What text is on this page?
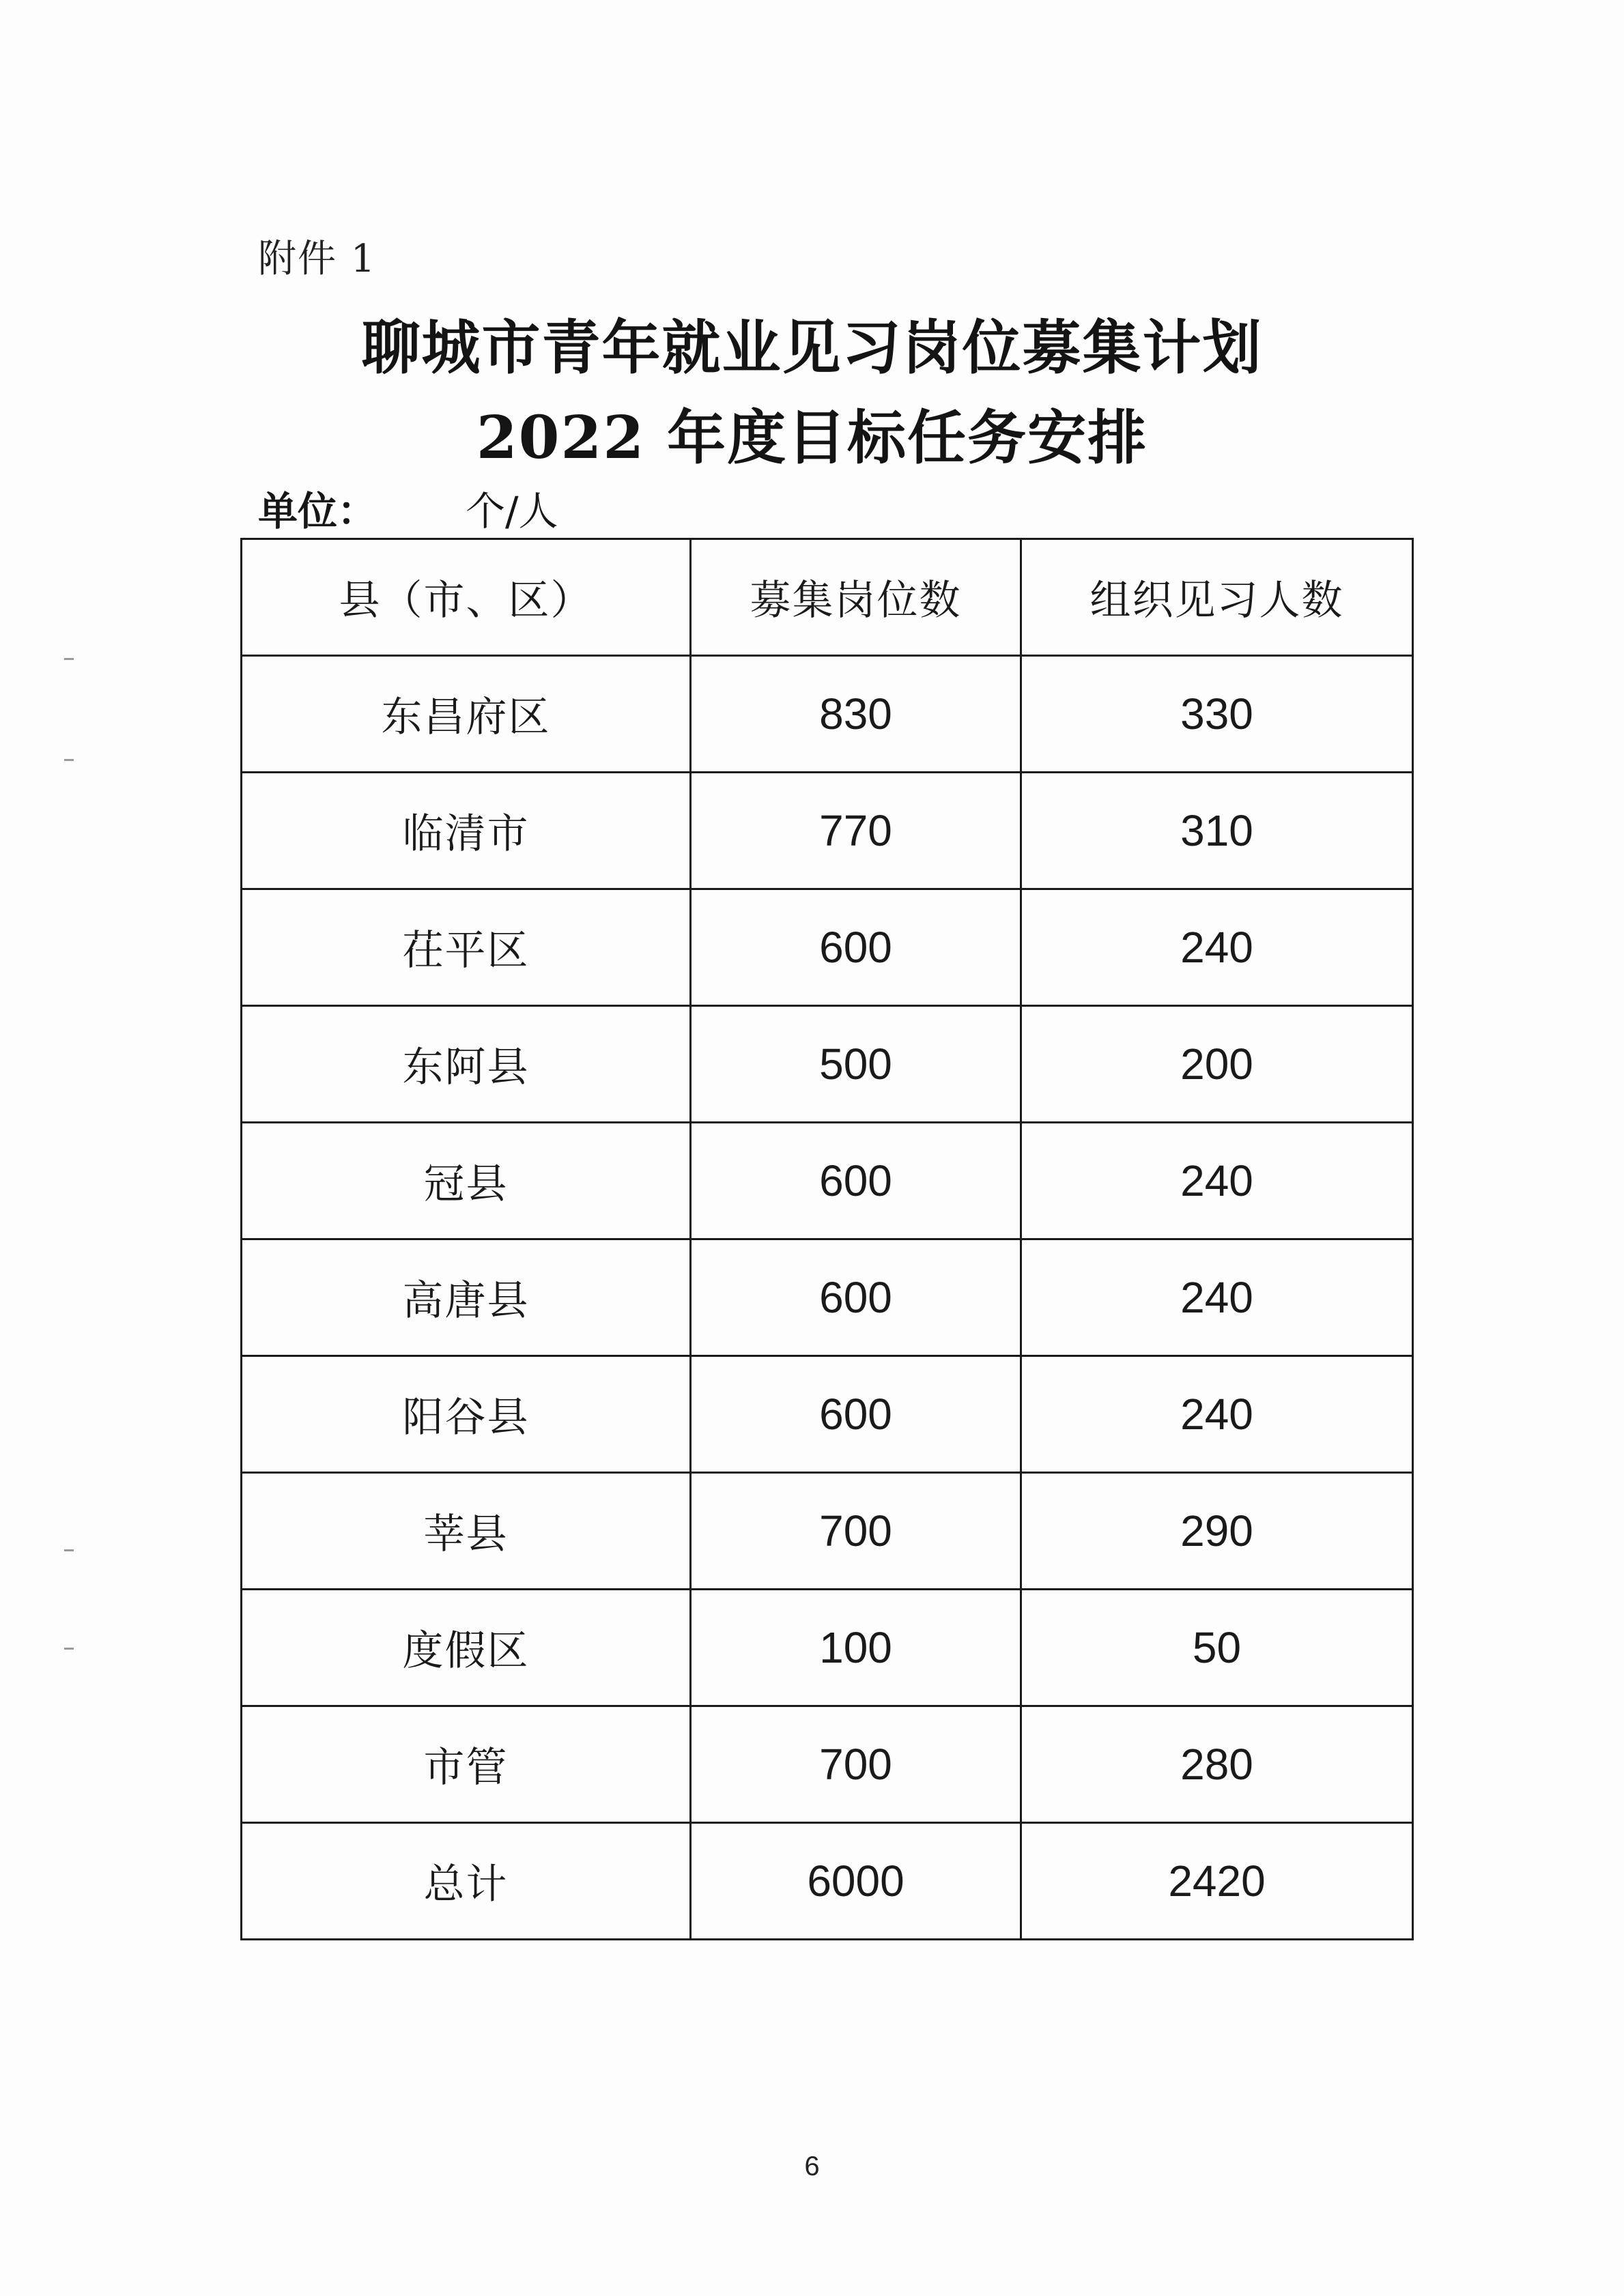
附件 1
聊城市青年就业见习岗位募集计划
2022 年度目标任务安排
单位： 个/人
县（市、区）	募集岗位数	组织见习人数
东昌府区	830	330
临清市	770	310
茌平区	600	240
东阿县	500	200
冠县	600	240
高唐县	600	240
阳谷县	600	240
莘县	700	290
度假区	100	50
市管	700	280
总计	6000	2420
6
